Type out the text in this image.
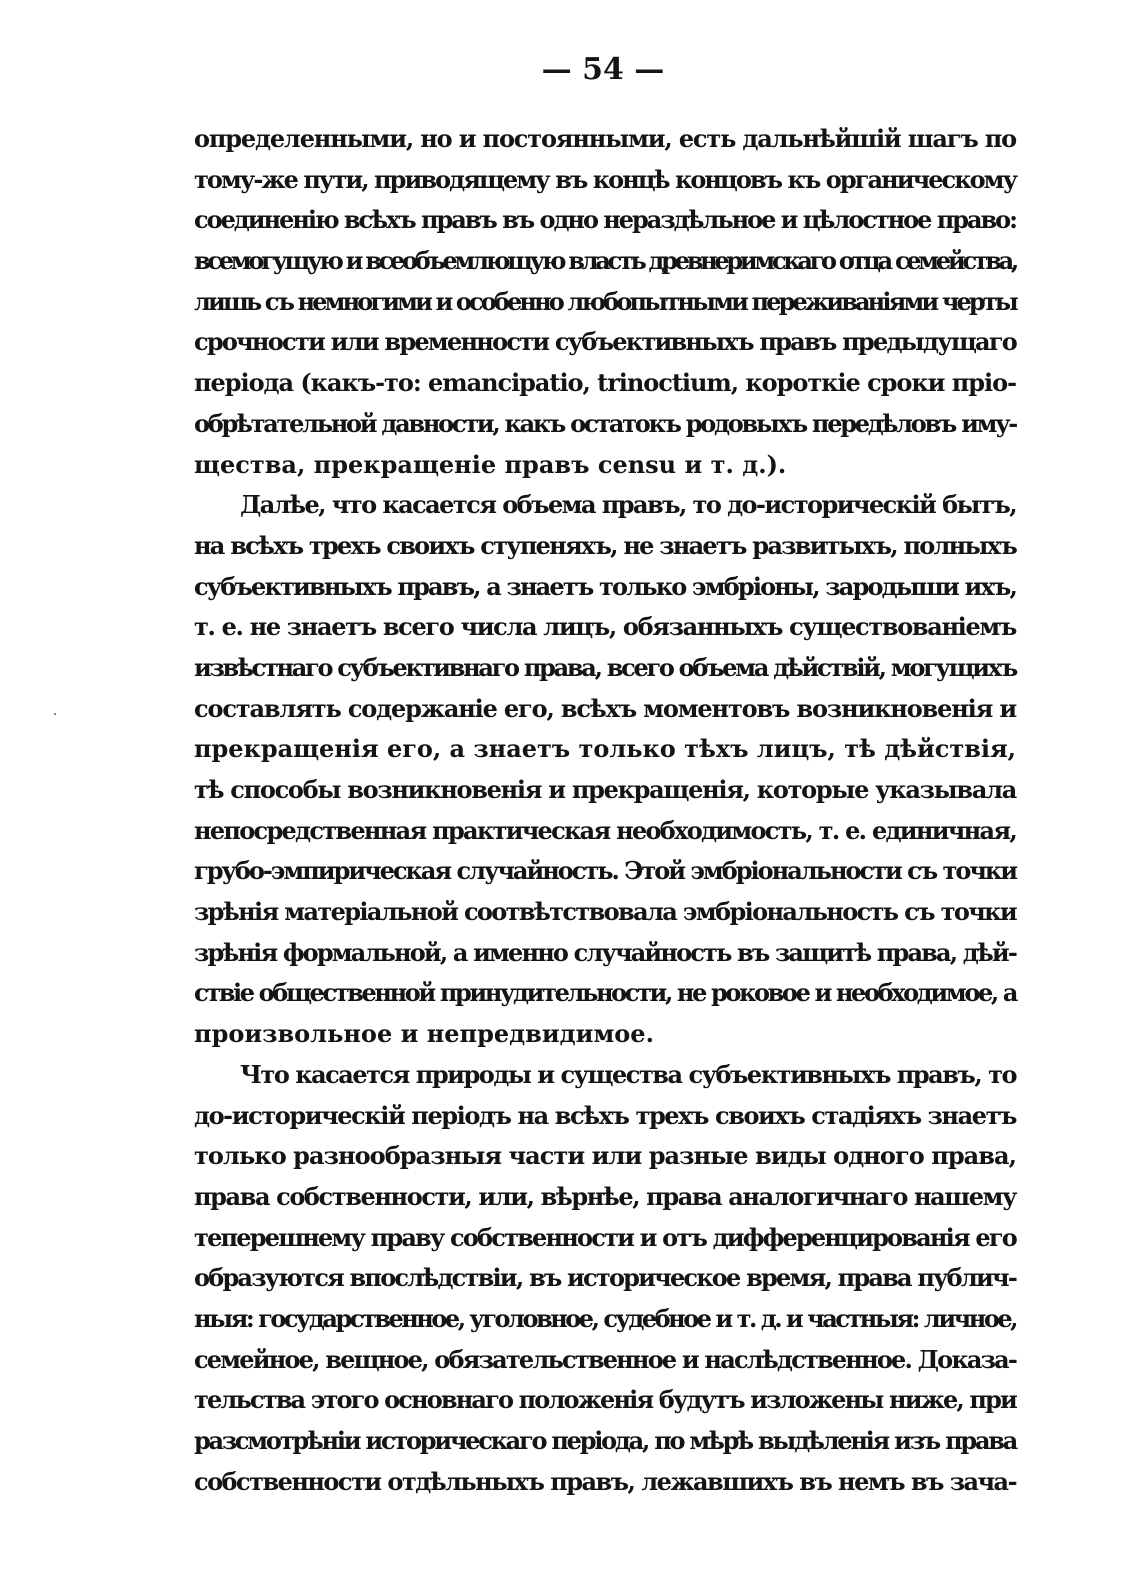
— 54 —
определенными, но и постоянными, есть дальнѣйшій шагъ по
тому-же пути, приводящему въ концѣ концовъ къ органическому
соединенію всѣхъ правъ въ одно нераздѣльное и цѣлостное право:
всемогущую и всеобъемлющую власть древнеримскаго отца семейства,
лишь съ немногими и особенно любопытными переживаніями черты
срочности или временности субъективныхъ правъ предыдущаго
періода (какъ-то: emancipatio, trinoctium, короткіе сроки пріо-
обрѣтательной давности, какъ остатокъ родовыхъ передѣловъ иму-
щества, прекращеніе правъ censu и т. д.).
Далѣе, что касается объема правъ, то до-историческій бытъ,
на всѣхъ трехъ своихъ ступеняхъ, не знаетъ развитыхъ, полныхъ
субъективныхъ правъ, а знаетъ только эмбріоны, зародыши ихъ,
т. е. не знаетъ всего числа лицъ, обязанныхъ существованіемъ
извѣстнаго субъективнаго права, всего объема дѣйствій, могущихъ
составлять содержаніе его, всѣхъ моментовъ возникновенія и
прекращенія его, а знаетъ только тѣхъ лицъ, тѣ дѣйствія,
тѣ способы возникновенія и прекращенія, которые указывала
непосредственная практическая необходимость, т. е. единичная,
грубо-эмпирическая случайность. Этой эмбріональности съ точки
зрѣнія матеріальной соотвѣтствовала эмбріональность съ точки
зрѣнія формальной, а именно случайность въ защитѣ права, дѣй-
ствіе общественной принудительности, не роковое и необходимое, а
произвольное и непредвидимое.
Что касается природы и существа субъективныхъ правъ, то
до-историческій періодъ на всѣхъ трехъ своихъ стадіяхъ знаетъ
только разнообразныя части или разные виды одного права,
права собственности, или, вѣрнѣе, права аналогичнаго нашему
теперешнему праву собственности и отъ дифференцированія его
образуются впослѣдствіи, въ историческое время, права публич-
ныя: государственное, уголовное, судебное и т. д. и частныя: личное,
семейное, вещное, обязательственное и наслѣдственное. Доказа-
тельства этого основнаго положенія будутъ изложены ниже, при
разсмотрѣніи историческаго періода, по мѣрѣ выдѣленія изъ права
собственности отдѣльныхъ правъ, лежавшихъ въ немъ въ зача-
